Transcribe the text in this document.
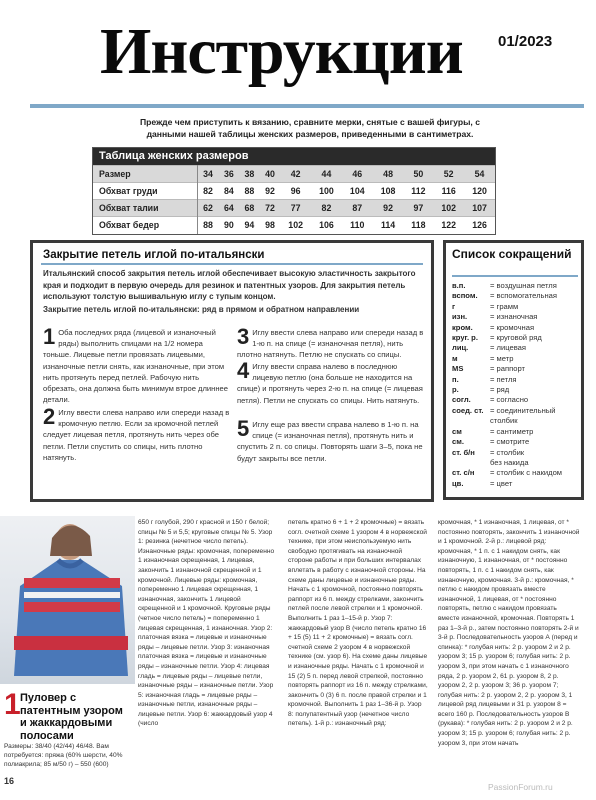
Инструкции 01/2023
Прежде чем приступить к вязанию, сравните мерки, снятые с вашей фигуры, с данными нашей таблицы женских размеров, приведенными в сантиметрах.
Таблица женских размеров
Размер	34	36	38	40	42	44	46	48	50	52	54
Обхват груди	82	84	88	92	96	100	104	108	112	116	120
Обхват талии	62	64	68	72	77	82	87	92	97	102	107
Обхват бедер	88	90	94	98	102	106	110	114	118	122	126
Закрытие петель иглой по-итальянски
Итальянский способ закрытия петель иглой обеспечивает высокую эластичность закрытого края и подходит в первую очередь для резинок и патентных узоров. Для закрытия петель используют толстую вышивальную иглу с тупым концом.
Закрытие петель иглой по-итальянски: ряд в прямом и обратном направлении
1 Оба последних ряда (лицевой и изнаночный ряды) выполнить спицами на 1/2 номера тоньше. Лицевые петли провязать лицевыми, изнаночные петли снять, как изнаночные, при этом нить протянуть перед петлей. Рабочую нить обрезать, она должна быть минимум втрое длиннее детали.
2 Иглу ввести слева направо или спереди назад в кромочную петлю. Если за кромочной петлей следует лицевая петля, протянуть нить через обе петли. Петли спустить со спицы, нить плотно натянуть.
3 Иглу ввести слева направо или спереди назад в 1-ю п. на спице (= изнаночная петля), нить плотно натянуть. Петлю не спускать со спицы.
4 Иглу ввести справа налево в последнюю лицевую петлю (она больше не находится на спице) и протянуть через 2-ю п. на спице (= лицевая петля). Петли не спускать со спицы. Нить натянуть.
5 Иглу еще раз ввести справа налево в 1-ю п. на спице (= изнаночная петля), протянуть нить и спустить 2 п. со спицы. Повторять шаги 3–5, пока не будут закрыты все петли.
Список сокращений
в.п.	= воздушная петля
вспом.	= вспомогательная
г	= грамм
изн.	= изнаночная
кром.	= кромочная
круг. р.	= круговой ряд
лиц.	= лицевая
м	= метр
MS	= раппорт
п.	= петля
р.	= ряд
согл.	= согласно
соед. ст. = соединительный
столбик
см	= сантиметр
см.	= смотрите
ст. б/н	= столбик
без накида
ст. с/н	= столбик с накидом
цв.	= цвет
1 Пуловер с патентным узором и жаккардовыми полосами
Размеры: 38/40 (42/44) 46/48. Вам потребуется: пряжа (60% шерсти, 40% полиакрила; 85 м/50 г) – 550 (600)
650 г голубой, 290 г красной и 150 г белой; спицы № 5 и 5,5; круговые спицы № 5. Узор 1: резинка (нечетное число петель). Изнаночные ряды: кромочная, попеременно 1 изнаночная скрещенная, 1 лицевая, закончить 1 изнаночной скрещенной и 1 кромочной. Лицевые ряды: кромочная, попеременно 1 лицевая скрещенная, 1 изнаночная, закончить 1 лицевой скрещенной и 1 кромочной. Круговые ряды (четное число петель) = попеременно 1 лицевая скрещенная, 1 изнаночная. Узор 2: платочная вязка = лицевые и изнаночные ряды – лицевые петли. Узор 3: изнаночная платочная вязка = лицевые и изнаночные ряды – изнаночные петли. Узор 4: лицевая гладь = лицевые ряды – лицевые петли, изнаночные ряды – изнаночные петли. Узор 5: изнаночная гладь = лицевые ряды – изнаночные петли, изнаночные ряды – лицевые петли. Узор 6: жаккардовый узор 4 (число
петель кратно 6 + 1 + 2 кромочные) = вязать согл. счетной схеме 1 узором 4 в норвежской технике, при этом неиспользуемую нить свободно протягивать на изнаночной стороне работы и при больших интервалах вплетать в работу с изнаночной стороны. На схеме даны лицевые и изнаночные ряды. Начать с 1 кромочной, постоянно повторять раппорт из 6 п. между стрелками, закончить петлей после левой стрелки и 1 кромочной. Выполнить 1 раз 1–15-й р. Узор 7: жаккардовый узор В (число петель кратно 16 + 15 (5) 11 + 2 кромочные) = вязать согл. счетной схеме 2 узором 4 в норвежской технике (см. узор 6). На схеме даны лицевые и изнаночные ряды. Начать с 1 кромочной и 15 (2) 5 п. перед левой стрелкой, постоянно повторять раппорт из 16 п. между стрелками, закончить 0 (3) 6 п. после правой стрелки и 1 кромочной. Выполнить 1 раз 1–36-й р. Узор 8: полупатентный узор (нечетное число петель). 1-й р.: изнаночный ряд:
кромочная, * 1 изнаночная, 1 лицевая, от * постоянно повторять, закончить 1 изнаночной и 1 кромочной. 2-й р.: лицевой ряд: кромочная, * 1 п. с 1 накидом снять, как изнаночную, 1 изнаночная, от * постоянно повторять, 1 п. с 1 накидом снять, как изнаночную, кромочная. 3-й р.: кромочная, * петлю с накидом провязать вместе изнаночной, 1 лицевая, от * постоянно повторять, петлю с накидом провязать вместе изнаночной, кромочная. Повторять 1 раз 1–3-й р., затем постоянно повторять 2-й и 3-й р. Последовательность узоров А (перед и спинка): * голубая нить: 2 р. узором 2 и 2 р. узором 3; 15 р. узором 6; голубая нить: 2 р. узором 3, при этом начать с 1 изнаночного ряда, 2 р. узором 2, 61 р. узором 8, 2 р. узором 2, 2 р. узором 3; 36 р. узором 7; голубая нить: 2 р. узором 2, 2 р. узором 3, 1 лицевой ряд лицевыми и 31 р. узором 8 = всего 160 р. Последовательность узоров В (рукава): * голубая нить: 2 р. узором 2 и 2 р. узором 3; 15 р. узором 6; голубая нить: 2 р. узором 3, при этом начать
16
PassionForum.ru
